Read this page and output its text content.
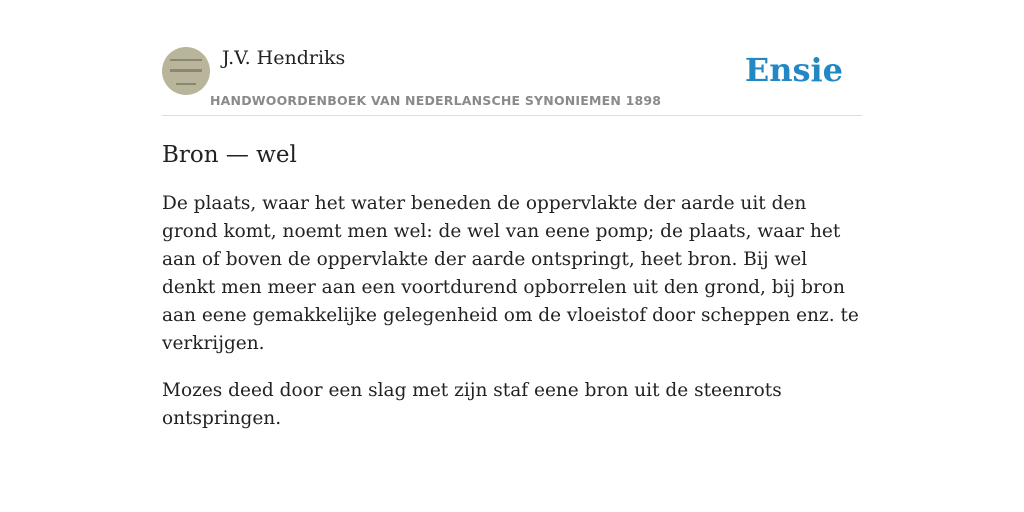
J.V. Hendriks
HANDWOORDENBOEK VAN NEDERLANSCHE SYNONIEMEN 1898
Ensie
Bron — wel

De plaats, waar het water beneden de oppervlakte der aarde uit den grond komt, noemt men wel: de wel van eene pomp; de plaats, waar het aan of boven de oppervlakte der aarde ontspringt, heet bron. Bij wel denkt men meer aan een voortdurend opborrelen uit den grond, bij bron aan eene gemakkelijke gelegenheid om de vloeistof door scheppen enz. te verkrijgen.

Mozes deed door een slag met zijn staf eene bron uit de steenrots ontspringen.
